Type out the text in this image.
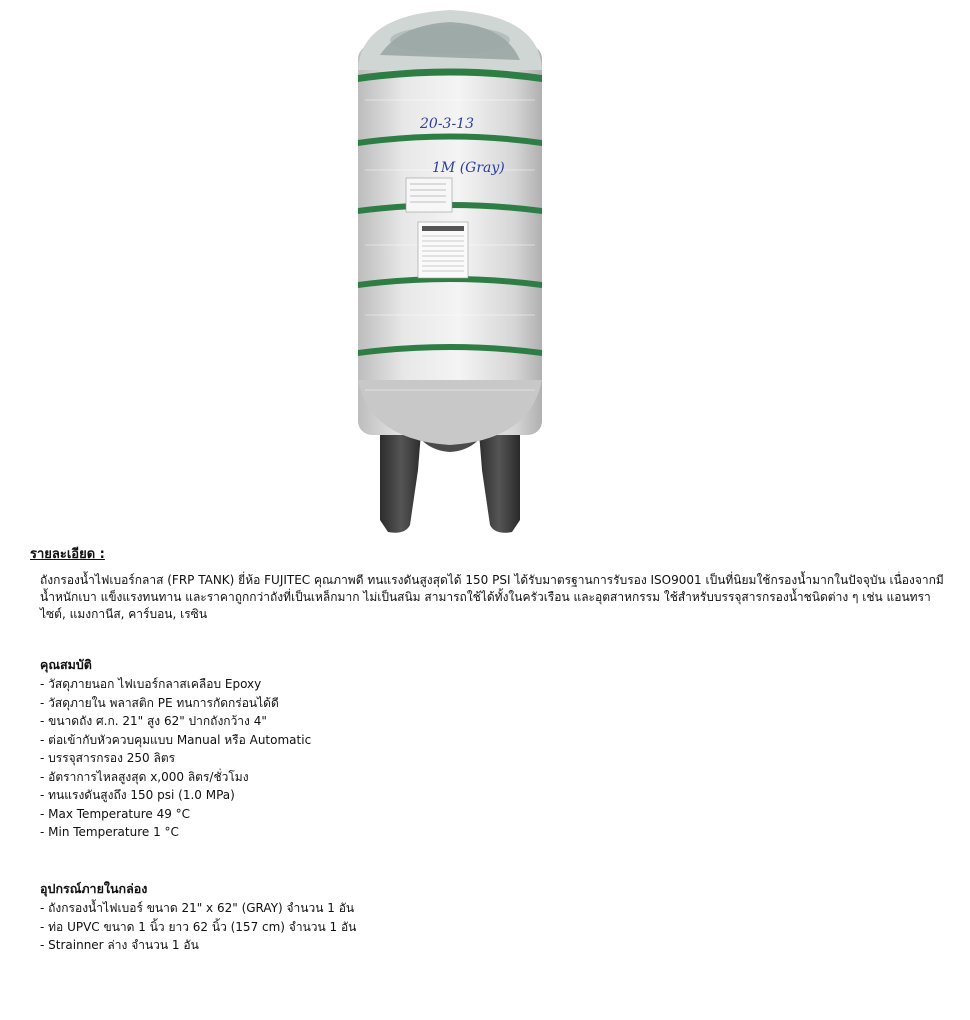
20-3-13
1M (Gray)
รายละเอียด :

ถังกรองน้ำไฟเบอร์กลาส (FRP TANK) ยี่ห้อ FUJITEC คุณภาพดี ทนแรงดันสูงสุดได้ 150 PSI ได้รับมาตรฐานการรับรอง ISO9001 เป็นที่นิยมใช้กรองน้ำมากในปัจจุบัน เนื่องจากมีน้ำหนักเบา แข็งแรงทนทาน และราคาถูกกว่าถังที่เป็นเหล็กมาก ไม่เป็นสนิม สามารถใช้ได้ทั้งในครัวเรือน และอุตสาหกรรม ใช้สำหรับบรรจุสารกรองน้ำชนิดต่าง ๆ เช่น แอนทราไซต์, แมงกานีส, คาร์บอน, เรซิน

คุณสมบัติ
- วัสดุภายนอก ไฟเบอร์กลาสเคลือบ Epoxy
- วัสดุภายใน พลาสติก PE ทนการกัดกร่อนได้ดี
- ขนาดถัง ศ.ก. 21" สูง 62" ปากถังกว้าง 4"
- ต่อเข้ากับหัวควบคุมแบบ Manual หรือ Automatic
- บรรจุสารกรอง 250 ลิตร
- อัตราการไหลสูงสุด x,000 ลิตร/ชั่วโมง
- ทนแรงดันสูงถึง 150 psi (1.0 MPa)
- Max Temperature 49 °C
- Min Temperature 1 °C
อุปกรณ์ภายในกล่อง
- ถังกรองน้ำไฟเบอร์ ขนาด 21" x 62" (GRAY) จำนวน 1 อัน
- ท่อ UPVC ขนาด 1 นิ้ว ยาว 62 นิ้ว (157 cm) จำนวน 1 อัน
- Strainner ล่าง จำนวน 1 อัน
